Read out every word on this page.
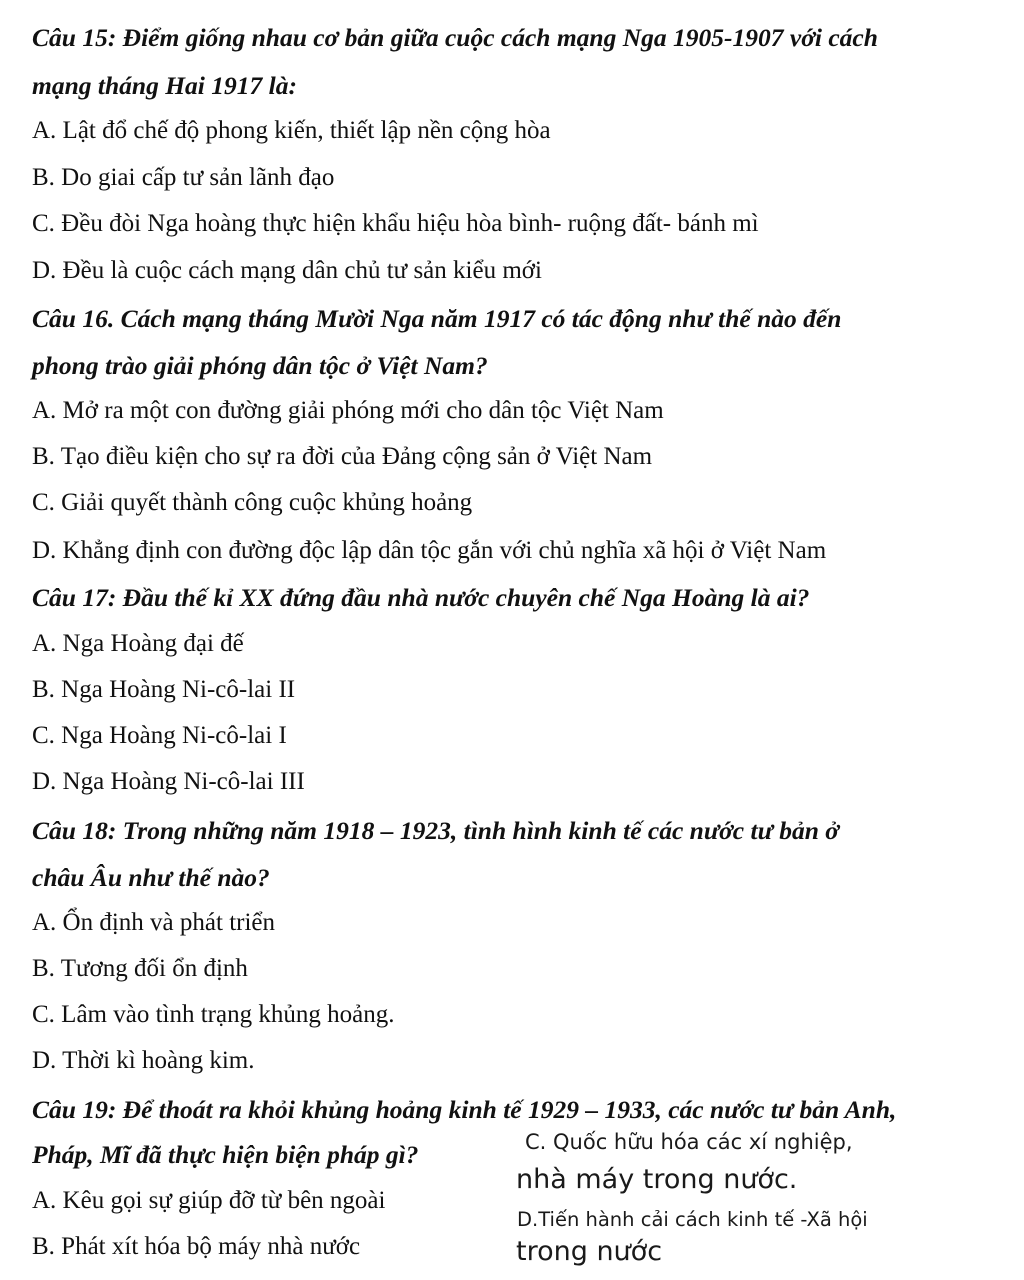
Câu 15: Điểm giống nhau cơ bản giữa cuộc cách mạng Nga 1905-1907 với cách
mạng tháng Hai 1917 là:
A. Lật đổ chế độ phong kiến, thiết lập nền cộng hòa
B. Do giai cấp tư sản lãnh đạo
C. Đều đòi Nga hoàng thực hiện khẩu hiệu hòa bình- ruộng đất- bánh mì
D. Đều là cuộc cách mạng dân chủ tư sản kiểu mới
Câu 16. Cách mạng tháng Mười Nga năm 1917 có tác động như thế nào đến
phong trào giải phóng dân tộc ở Việt Nam?
A. Mở ra một con đường giải phóng mới cho dân tộc Việt Nam
B. Tạo điều kiện cho sự ra đời của Đảng cộng sản ở Việt Nam
C. Giải quyết thành công cuộc khủng hoảng
D. Khẳng định con đường độc lập dân tộc gắn với chủ nghĩa xã hội ở Việt Nam
Câu 17: Đầu thế kỉ XX đứng đầu nhà nước chuyên chế Nga Hoàng là ai?
A. Nga Hoàng đại đế
B. Nga Hoàng Ni-cô-lai II
C. Nga Hoàng Ni-cô-lai I
D. Nga Hoàng Ni-cô-lai III
Câu 18: Trong những năm 1918 – 1923, tình hình kinh tế các nước tư bản ở
châu Âu như thế nào?
A. Ổn định và phát triển
B. Tương đối ổn định
C. Lâm vào tình trạng khủng hoảng.
D. Thời kì hoàng kim.
Câu 19: Để thoát ra khỏi khủng hoảng kinh tế 1929 – 1933, các nước tư bản Anh,
Pháp, Mĩ đã thực hiện biện pháp gì?
A. Kêu gọi sự giúp đỡ từ bên ngoài
B. Phát xít hóa bộ máy nhà nước
C. Quốc hữu hóa các xí nghiệp,
nhà máy trong nước.
D.Tiến hành cải cách kinh tế -Xã hội
trong nước
